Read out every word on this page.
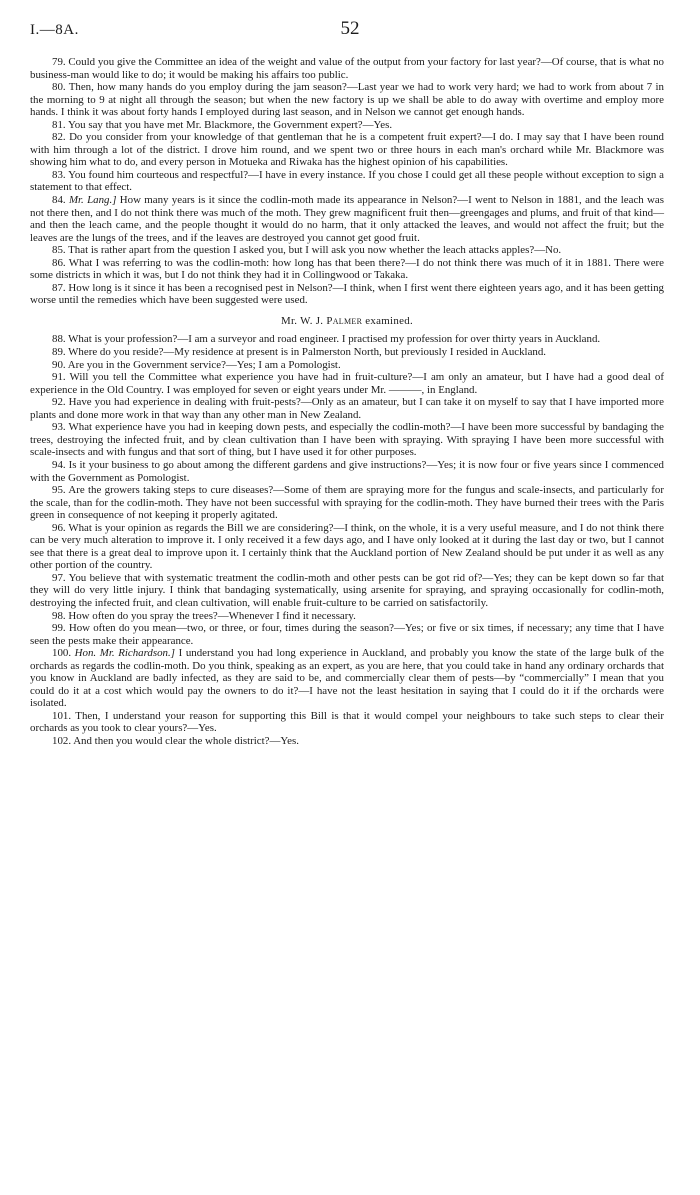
I.—8A.	52

79. Could you give the Committee an idea of the weight and value of the output from your factory for last year?—Of course, that is what no business-man would like to do; it would be making his affairs too public.

80. Then, how many hands do you employ during the jam season?—Last year we had to work very hard; we had to work from about 7 in the morning to 9 at night all through the season; but when the new factory is up we shall be able to do away with overtime and employ more hands. I think it was about forty hands I employed during last season, and in Nelson we cannot get enough hands.

81. You say that you have met Mr. Blackmore, the Government expert?—Yes.

82. Do you consider from your knowledge of that gentleman that he is a competent fruit expert?—I do. I may say that I have been round with him through a lot of the district. I drove him round, and we spent two or three hours in each man's orchard while Mr. Blackmore was showing him what to do, and every person in Motueka and Riwaka has the highest opinion of his capabilities.

83. You found him courteous and respectful?—I have in every instance. If you chose I could get all these people without exception to sign a statement to that effect.

84. Mr. Lang.] How many years is it since the codlin-moth made its appearance in Nelson?—I went to Nelson in 1881, and the leach was not there then, and I do not think there was much of the moth. They grew magnificent fruit then—greengages and plums, and fruit of that kind—and then the leach came, and the people thought it would do no harm, that it only attacked the leaves, and would not affect the fruit; but the leaves are the lungs of the trees, and if the leaves are destroyed you cannot get good fruit.

85. That is rather apart from the question I asked you, but I will ask you now whether the leach attacks apples?—No.

86. What I was referring to was the codlin-moth: how long has that been there?—I do not think there was much of it in 1881. There were some districts in which it was, but I do not think they had it in Collingwood or Takaka.

87. How long is it since it has been a recognised pest in Nelson?—I think, when I first went there eighteen years ago, and it has been getting worse until the remedies which have been suggested were used.

Mr. W. J. Palmer examined.

88. What is your profession?—I am a surveyor and road engineer. I practised my profession for over thirty years in Auckland.

89. Where do you reside?—My residence at present is in Palmerston North, but previously I resided in Auckland.

90. Are you in the Government service?—Yes; I am a Pomologist.

91. Will you tell the Committee what experience you have had in fruit-culture?—I am only an amateur, but I have had a good deal of experience in the Old Country. I was employed for seven or eight years under Mr. ———, in England.

92. Have you had experience in dealing with fruit-pests?—Only as an amateur, but I can take it on myself to say that I have imported more plants and done more work in that way than any other man in New Zealand.

93. What experience have you had in keeping down pests, and especially the codlin-moth?—I have been more successful by bandaging the trees, destroying the infected fruit, and by clean cultivation than I have been with spraying. With spraying I have been more successful with scale-insects and with fungus and that sort of thing, but I have used it for other purposes.

94. Is it your business to go about among the different gardens and give instructions?—Yes; it is now four or five years since I commenced with the Government as Pomologist.

95. Are the growers taking steps to cure diseases?—Some of them are spraying more for the fungus and scale-insects, and particularly for the scale, than for the codlin-moth. They have not been successful with spraying for the codlin-moth. They have burned their trees with the Paris green in consequence of not keeping it properly agitated.

96. What is your opinion as regards the Bill we are considering?—I think, on the whole, it is a very useful measure, and I do not think there can be very much alteration to improve it. I only received it a few days ago, and I have only looked at it during the last day or two, but I cannot see that there is a great deal to improve upon it. I certainly think that the Auckland portion of New Zealand should be put under it as well as any other portion of the country.

97. You believe that with systematic treatment the codlin-moth and other pests can be got rid of?—Yes; they can be kept down so far that they will do very little injury. I think that bandaging systematically, using arsenite for spraying, and spraying occasionally for codlin-moth, destroying the infected fruit, and clean cultivation, will enable fruit-culture to be carried on satisfactorily.

98. How often do you spray the trees?—Whenever I find it necessary.

99. How often do you mean—two, or three, or four, times during the season?—Yes; or five or six times, if necessary; any time that I have seen the pests make their appearance.

100. Hon. Mr. Richardson.] I understand you had long experience in Auckland, and probably you know the state of the large bulk of the orchards as regards the codlin-moth. Do you think, speaking as an expert, as you are here, that you could take in hand any ordinary orchards that you know in Auckland are badly infected, as they are said to be, and commercially clear them of pests—by “commercially” I mean that you could do it at a cost which would pay the owners to do it?—I have not the least hesitation in saying that I could do it if the orchards were isolated.

101. Then, I understand your reason for supporting this Bill is that it would compel your neighbours to take such steps to clear their orchards as you took to clear yours?—Yes.

102. And then you would clear the whole district?—Yes.
